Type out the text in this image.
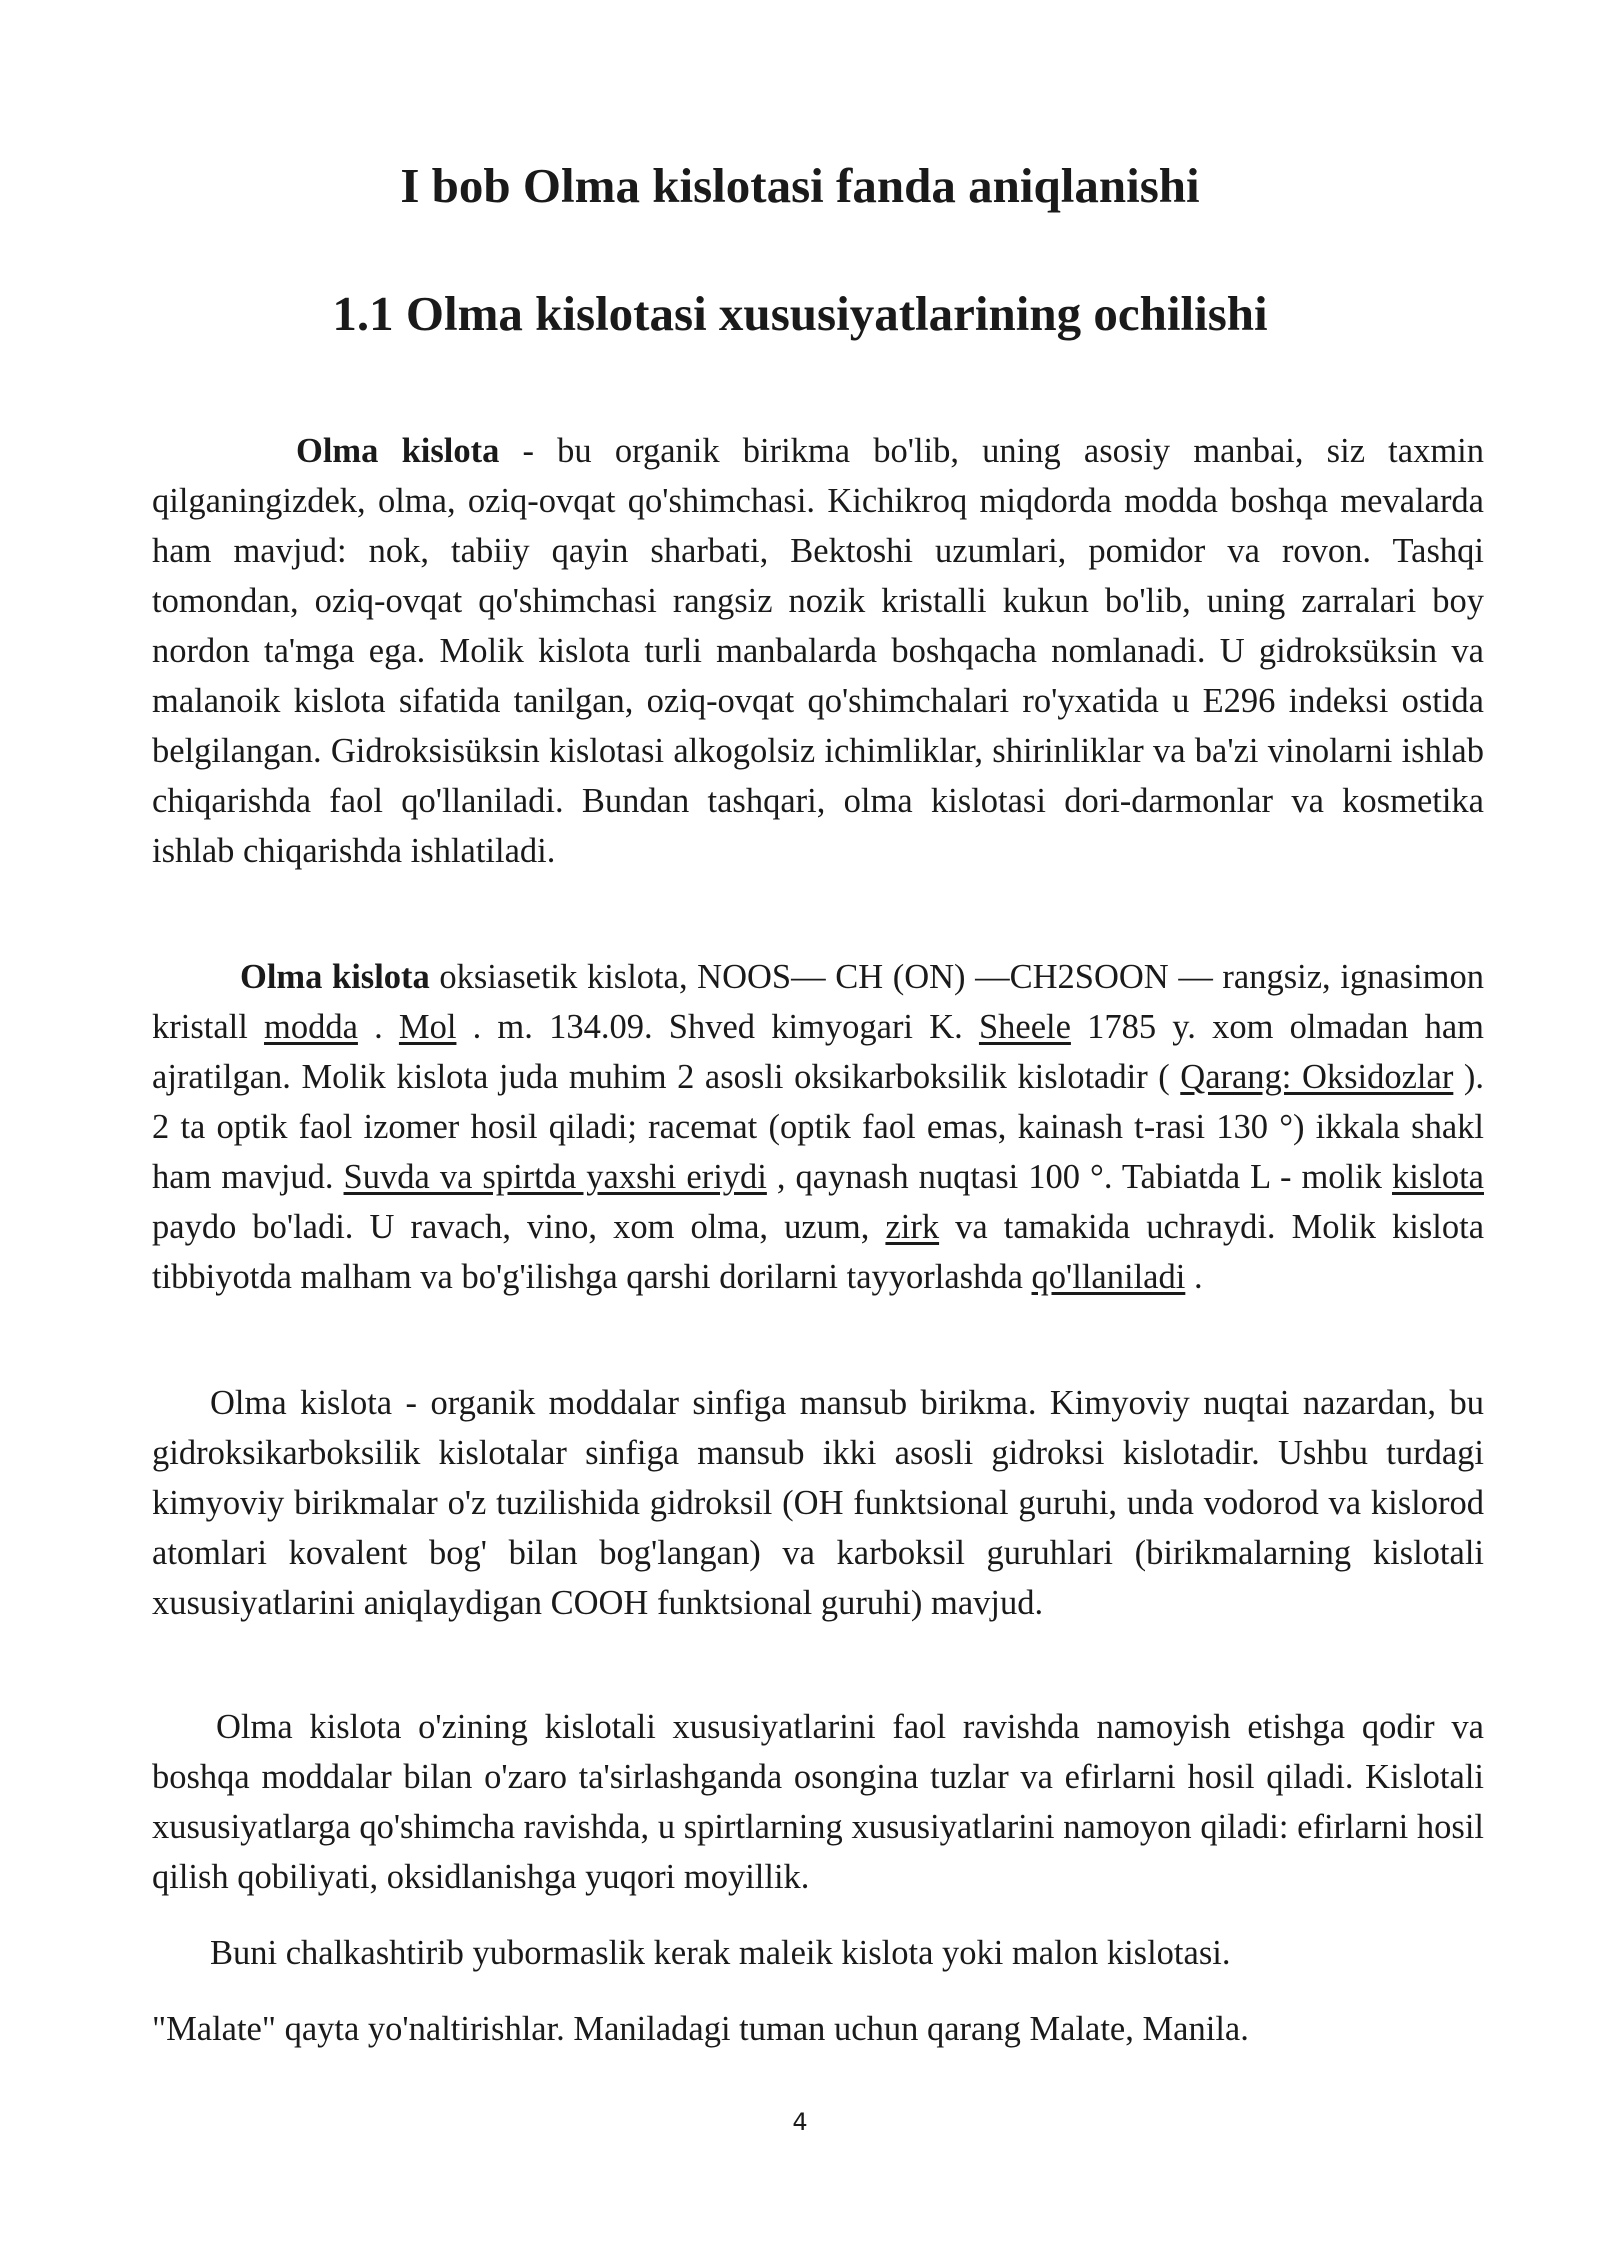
I bob Olma kislotasi fanda aniqlanishi
1.1 Olma kislotasi xususiyatlarining ochilishi

Olma kislota - bu organik birikma bo'lib, uning asosiy manbai, siz taxmin qilganingizdek, olma, oziq-ovqat qo'shimchasi. Kichikroq miqdorda modda boshqa mevalarda ham mavjud: nok, tabiiy qayin sharbati, Bektoshi uzumlari, pomidor va rovon. Tashqi tomondan, oziq-ovqat qo'shimchasi rangsiz nozik kristalli kukun bo'lib, uning zarralari boy nordon ta'mga ega. Molik kislota turli manbalarda boshqacha nomlanadi. U gidroksüksin va malanoik kislota sifatida tanilgan, oziq-ovqat qo'shimchalari ro'yxatida u E296 indeksi ostida belgilangan. Gidroksisüksin kislotasi alkogolsiz ichimliklar, shirinliklar va ba'zi vinolarni ishlab chiqarishda faol qo'llaniladi. Bundan tashqari, olma kislotasi dori-darmonlar va kosmetika ishlab chiqarishda ishlatiladi.

Olma kislota oksiasetik kislota, NOOS— CH (ON) —CH2SOON — rangsiz, ignasimon kristall modda . Mol . m. 134.09. Shved kimyogari K. Sheele 1785 y. xom olmadan ham ajratilgan. Molik kislota juda muhim 2 asosli oksikarboksilik kislotadir ( Qarang: Oksidozlar ). 2 ta optik faol izomer hosil qiladi; racemat (optik faol emas, kainash t-rasi 130 °) ikkala shakl ham mavjud. Suvda va spirtda yaxshi eriydi , qaynash nuqtasi 100 °. Tabiatda L - molik kislota paydo bo'ladi. U ravach, vino, xom olma, uzum, zirk va tamakida uchraydi. Molik kislota tibbiyotda malham va bo'g'ilishga qarshi dorilarni tayyorlashda qo'llaniladi .

Olma kislota - organik moddalar sinfiga mansub birikma. Kimyoviy nuqtai nazardan, bu gidroksikarboksilik kislotalar sinfiga mansub ikki asosli gidroksi kislotadir. Ushbu turdagi kimyoviy birikmalar o'z tuzilishida gidroksil (OH funktsional guruhi, unda vodorod va kislorod atomlari kovalent bog' bilan bog'langan) va karboksil guruhlari (birikmalarning kislotali xususiyatlarini aniqlaydigan COOH funktsional guruhi) mavjud.

Olma kislota o'zining kislotali xususiyatlarini faol ravishda namoyish etishga qodir va boshqa moddalar bilan o'zaro ta'sirlashganda osongina tuzlar va efirlarni hosil qiladi. Kislotali xususiyatlarga qo'shimcha ravishda, u spirtlarning xususiyatlarini namoyon qiladi: efirlarni hosil qilish qobiliyati, oksidlanishga yuqori moyillik.

Buni chalkashtirib yubormaslik kerak maleik kislota yoki malon kislotasi.

"Malate" qayta yo'naltirishlar. Maniladagi tuman uchun qarang Malate, Manila.

4
